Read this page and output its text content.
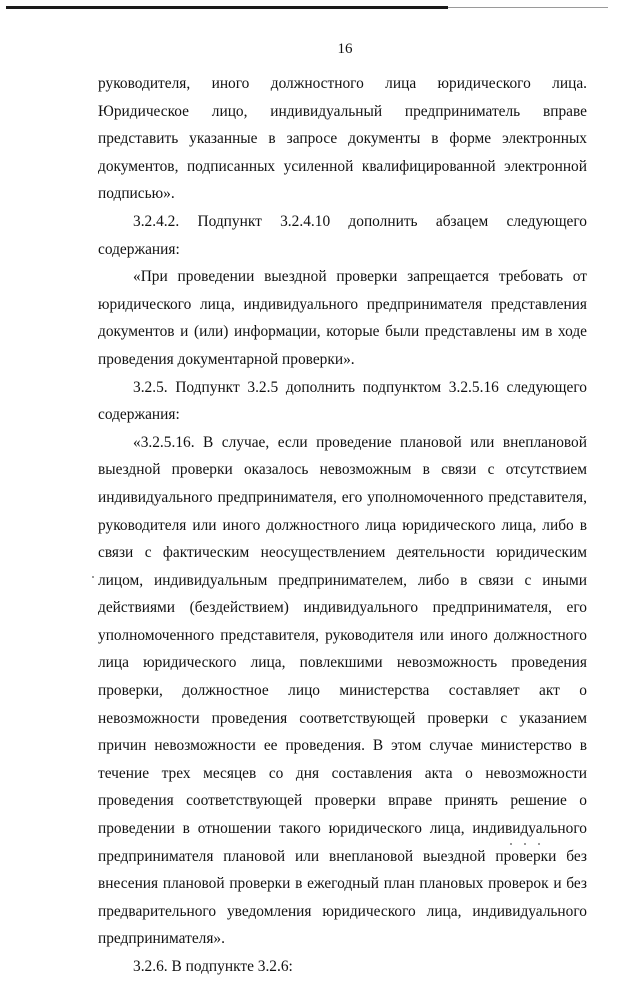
16

руководителя, иного должностного лица юридического лица. Юридическое лицо, индивидуальный предприниматель вправе представить указанные в запросе документы в форме электронных документов, подписанных усиленной квалифицированной электронной подписью».

3.2.4.2. Подпункт 3.2.4.10 дополнить абзацем следующего содержания:

«При проведении выездной проверки запрещается требовать от юридического лица, индивидуального предпринимателя представления документов и (или) информации, которые были представлены им в ходе проведения документарной проверки».

3.2.5. Подпункт 3.2.5 дополнить подпунктом 3.2.5.16 следующего содержания:

«3.2.5.16. В случае, если проведение плановой или внеплановой выездной проверки оказалось невозможным в связи с отсутствием индивидуального предпринимателя, его уполномоченного представителя, руководителя или иного должностного лица юридического лица, либо в связи с фактическим неосуществлением деятельности юридическим лицом, индивидуальным предпринимателем, либо в связи с иными действиями (бездействием) индивидуального предпринимателя, его уполномоченного представителя, руководителя или иного должностного лица юридического лица, повлекшими невозможность проведения проверки, должностное лицо министерства составляет акт о невозможности проведения соответствующей проверки с указанием причин невозможности ее проведения. В этом случае министерство в течение трех месяцев со дня составления акта о невозможности проведения соответствующей проверки вправе принять решение о проведении в отношении такого юридического лица, индивидуального предпринимателя плановой или внеплановой выездной проверки без внесения плановой проверки в ежегодный план плановых проверок и без предварительного уведомления юридического лица, индивидуального предпринимателя».

3.2.6. В подпункте 3.2.6:
